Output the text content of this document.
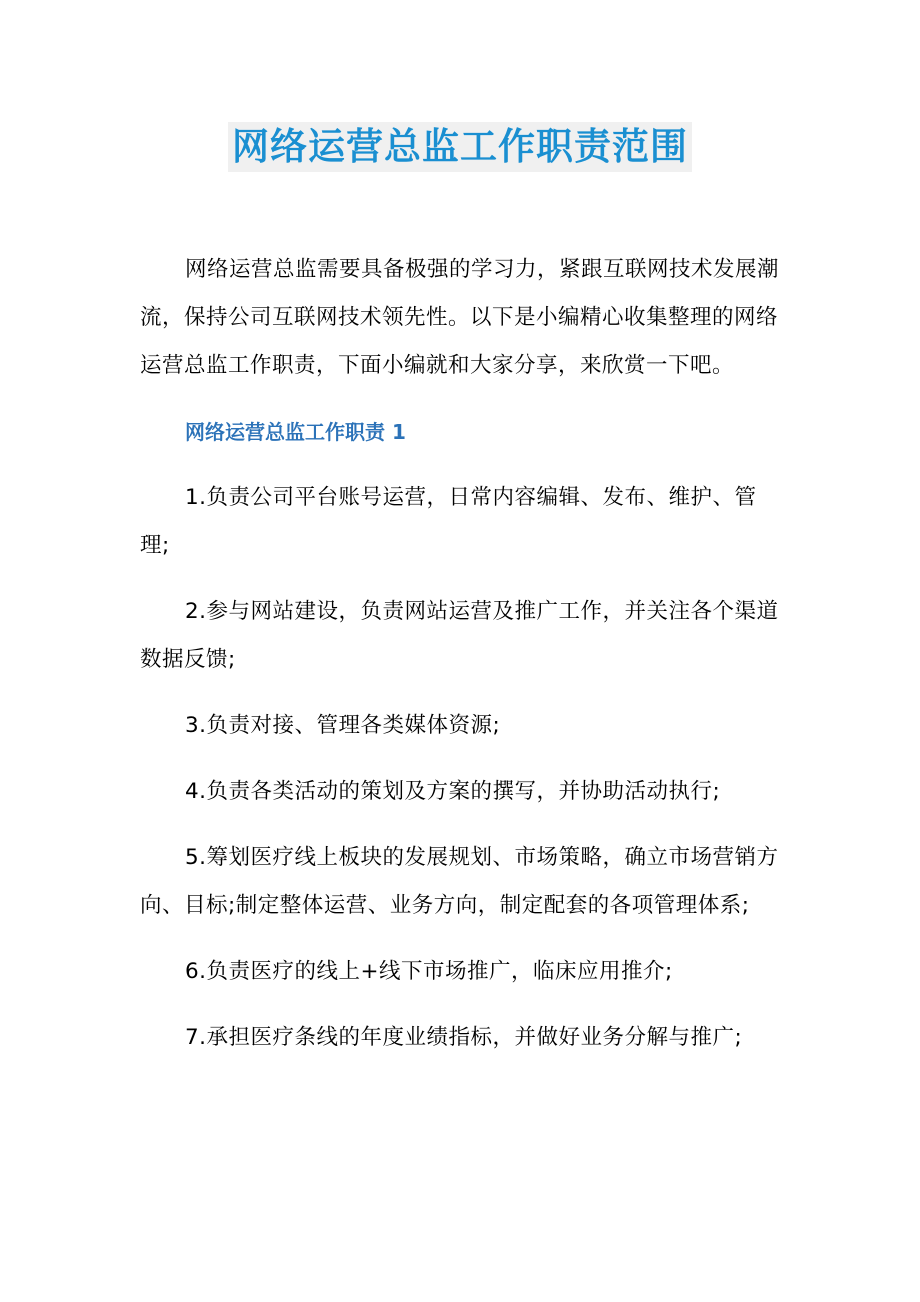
网络运营总监工作职责范围

网络运营总监需要具备极强的学习力，紧跟互联网技术发展潮流，保持公司互联网技术领先性。以下是小编精心收集整理的网络运营总监工作职责，下面小编就和大家分享，来欣赏一下吧。

网络运营总监工作职责 1

1.负责公司平台账号运营，日常内容编辑、发布、维护、管理;

2.参与网站建设，负责网站运营及推广工作，并关注各个渠道数据反馈;

3.负责对接、管理各类媒体资源;

4.负责各类活动的策划及方案的撰写，并协助活动执行;

5.筹划医疗线上板块的发展规划、市场策略，确立市场营销方向、目标;制定整体运营、业务方向，制定配套的各项管理体系;

6.负责医疗的线上+线下市场推广，临床应用推介;

7.承担医疗条线的年度业绩指标，并做好业务分解与推广;
